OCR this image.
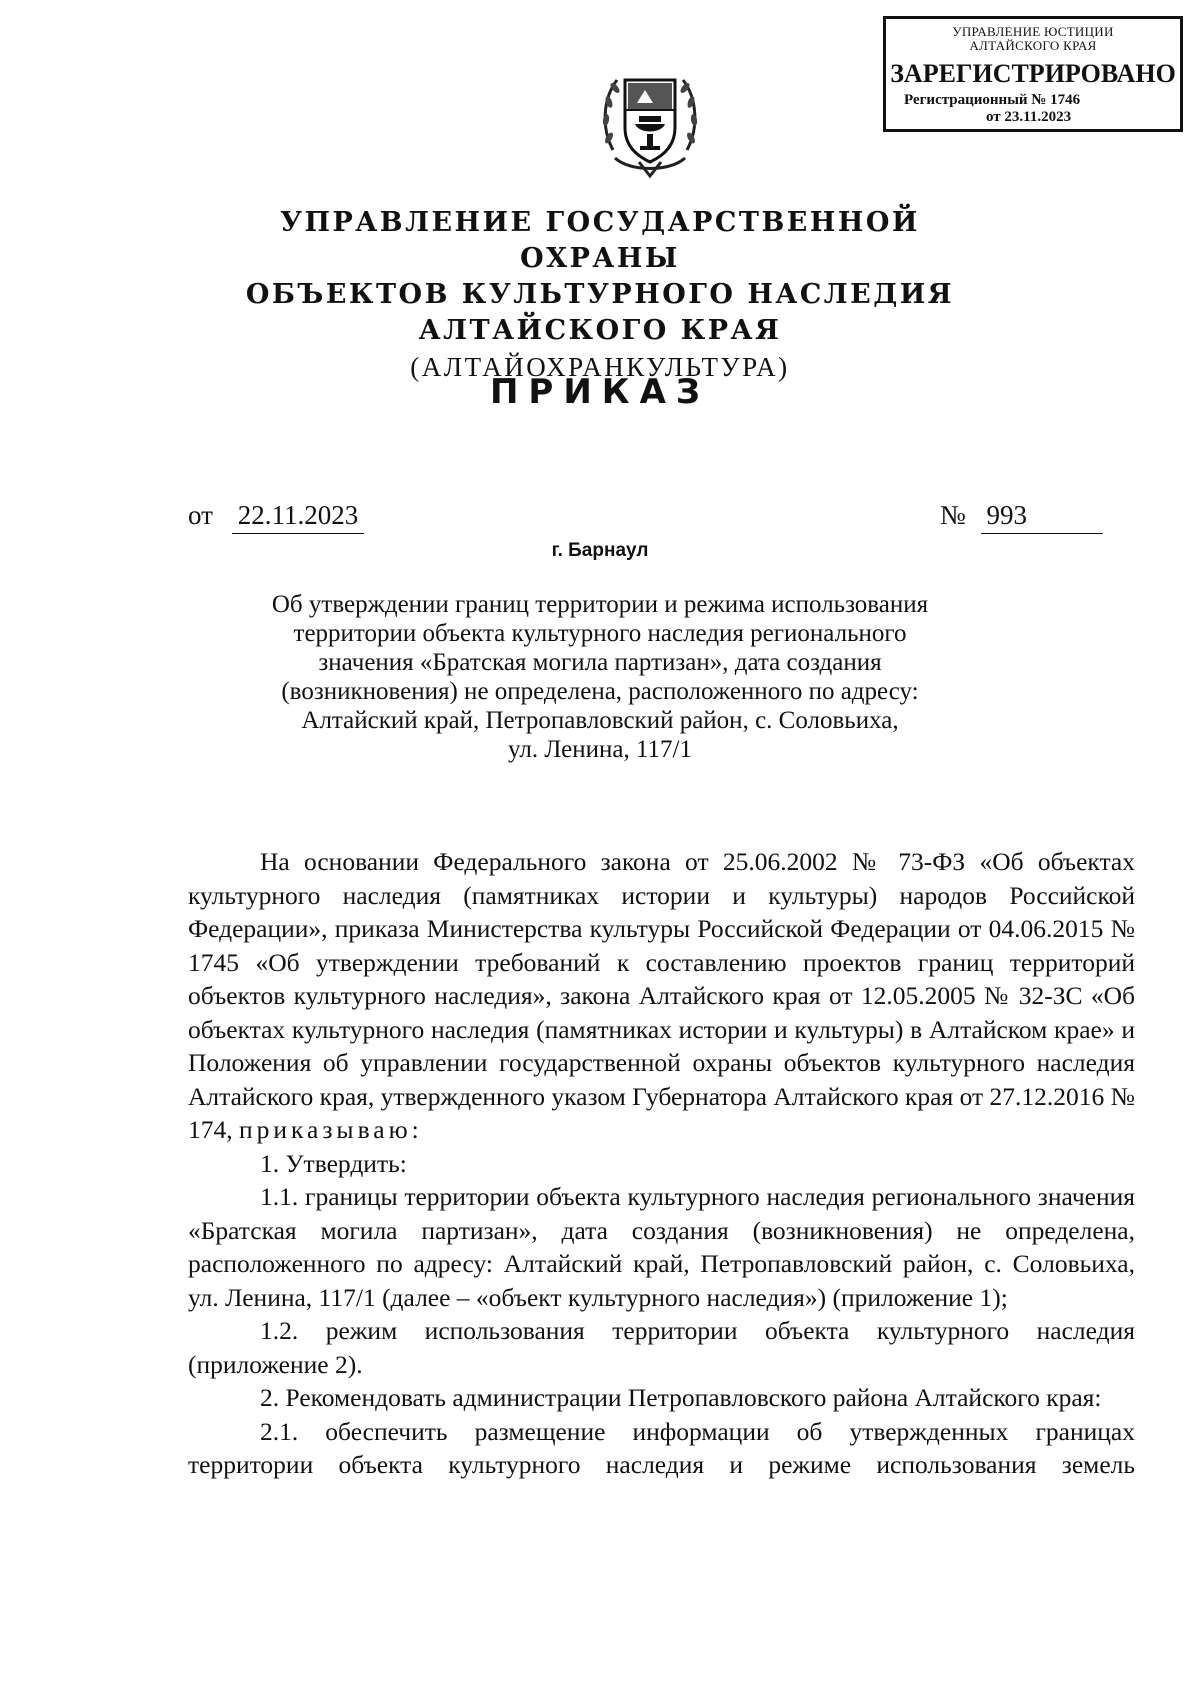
УПРАВЛЕНИЕ ЮСТИЦИИ
АЛТАЙСКОГО КРАЯ
ЗАРЕГИСТРИРОВАНО
Регистрационный № 1746
от 23.11.2023
УПРАВЛЕНИЕ ГОСУДАРСТВЕННОЙ ОХРАНЫ
ОБЪЕКТОВ КУЛЬТУРНОГО НАСЛЕДИЯ
АЛТАЙСКОГО КРАЯ
(АЛТАЙОХРАНКУЛЬТУРА)
ПРИКАЗ
от 22.11.2023	№ 993
г. Барнаул
Об утверждении границ территории и режима использования
территории объекта культурного наследия регионального
значения «Братская могила партизан», дата создания
(возникновения) не определена, расположенного по адресу:
Алтайский край, Петропавловский район, с. Соловьиха,
ул. Ленина, 117/1

На основании Федерального закона от 25.06.2002 № 73-ФЗ «Об объектах культурного наследия (памятниках истории и культуры) народов Российской Федерации», приказа Министерства культуры Российской Федерации от 04.06.2015 № 1745 «Об утверждении требований к составлению проектов границ территорий объектов культурного наследия», закона Алтайского края от 12.05.2005 № 32-ЗС «Об объектах культурного наследия (памятниках истории и культуры) в Алтайском крае» и Положения об управлении государственной охраны объектов культурного наследия Алтайского края, утвержденного указом Губернатора Алтайского края от 27.12.2016 № 174, приказываю:

1. Утвердить:

1.1. границы территории объекта культурного наследия регионального значения «Братская могила партизан», дата создания (возникновения) не определена, расположенного по адресу: Алтайский край, Петропавловский район, с. Соловьиха, ул. Ленина, 117/1 (далее – «объект культурного наследия») (приложение 1);

1.2. режим использования территории объекта культурного наследия (приложение 2).

2. Рекомендовать администрации Петропавловского района Алтайского края:

2.1. обеспечить размещение информации об утвержденных границах территории объекта культурного наследия и режиме использования земель
